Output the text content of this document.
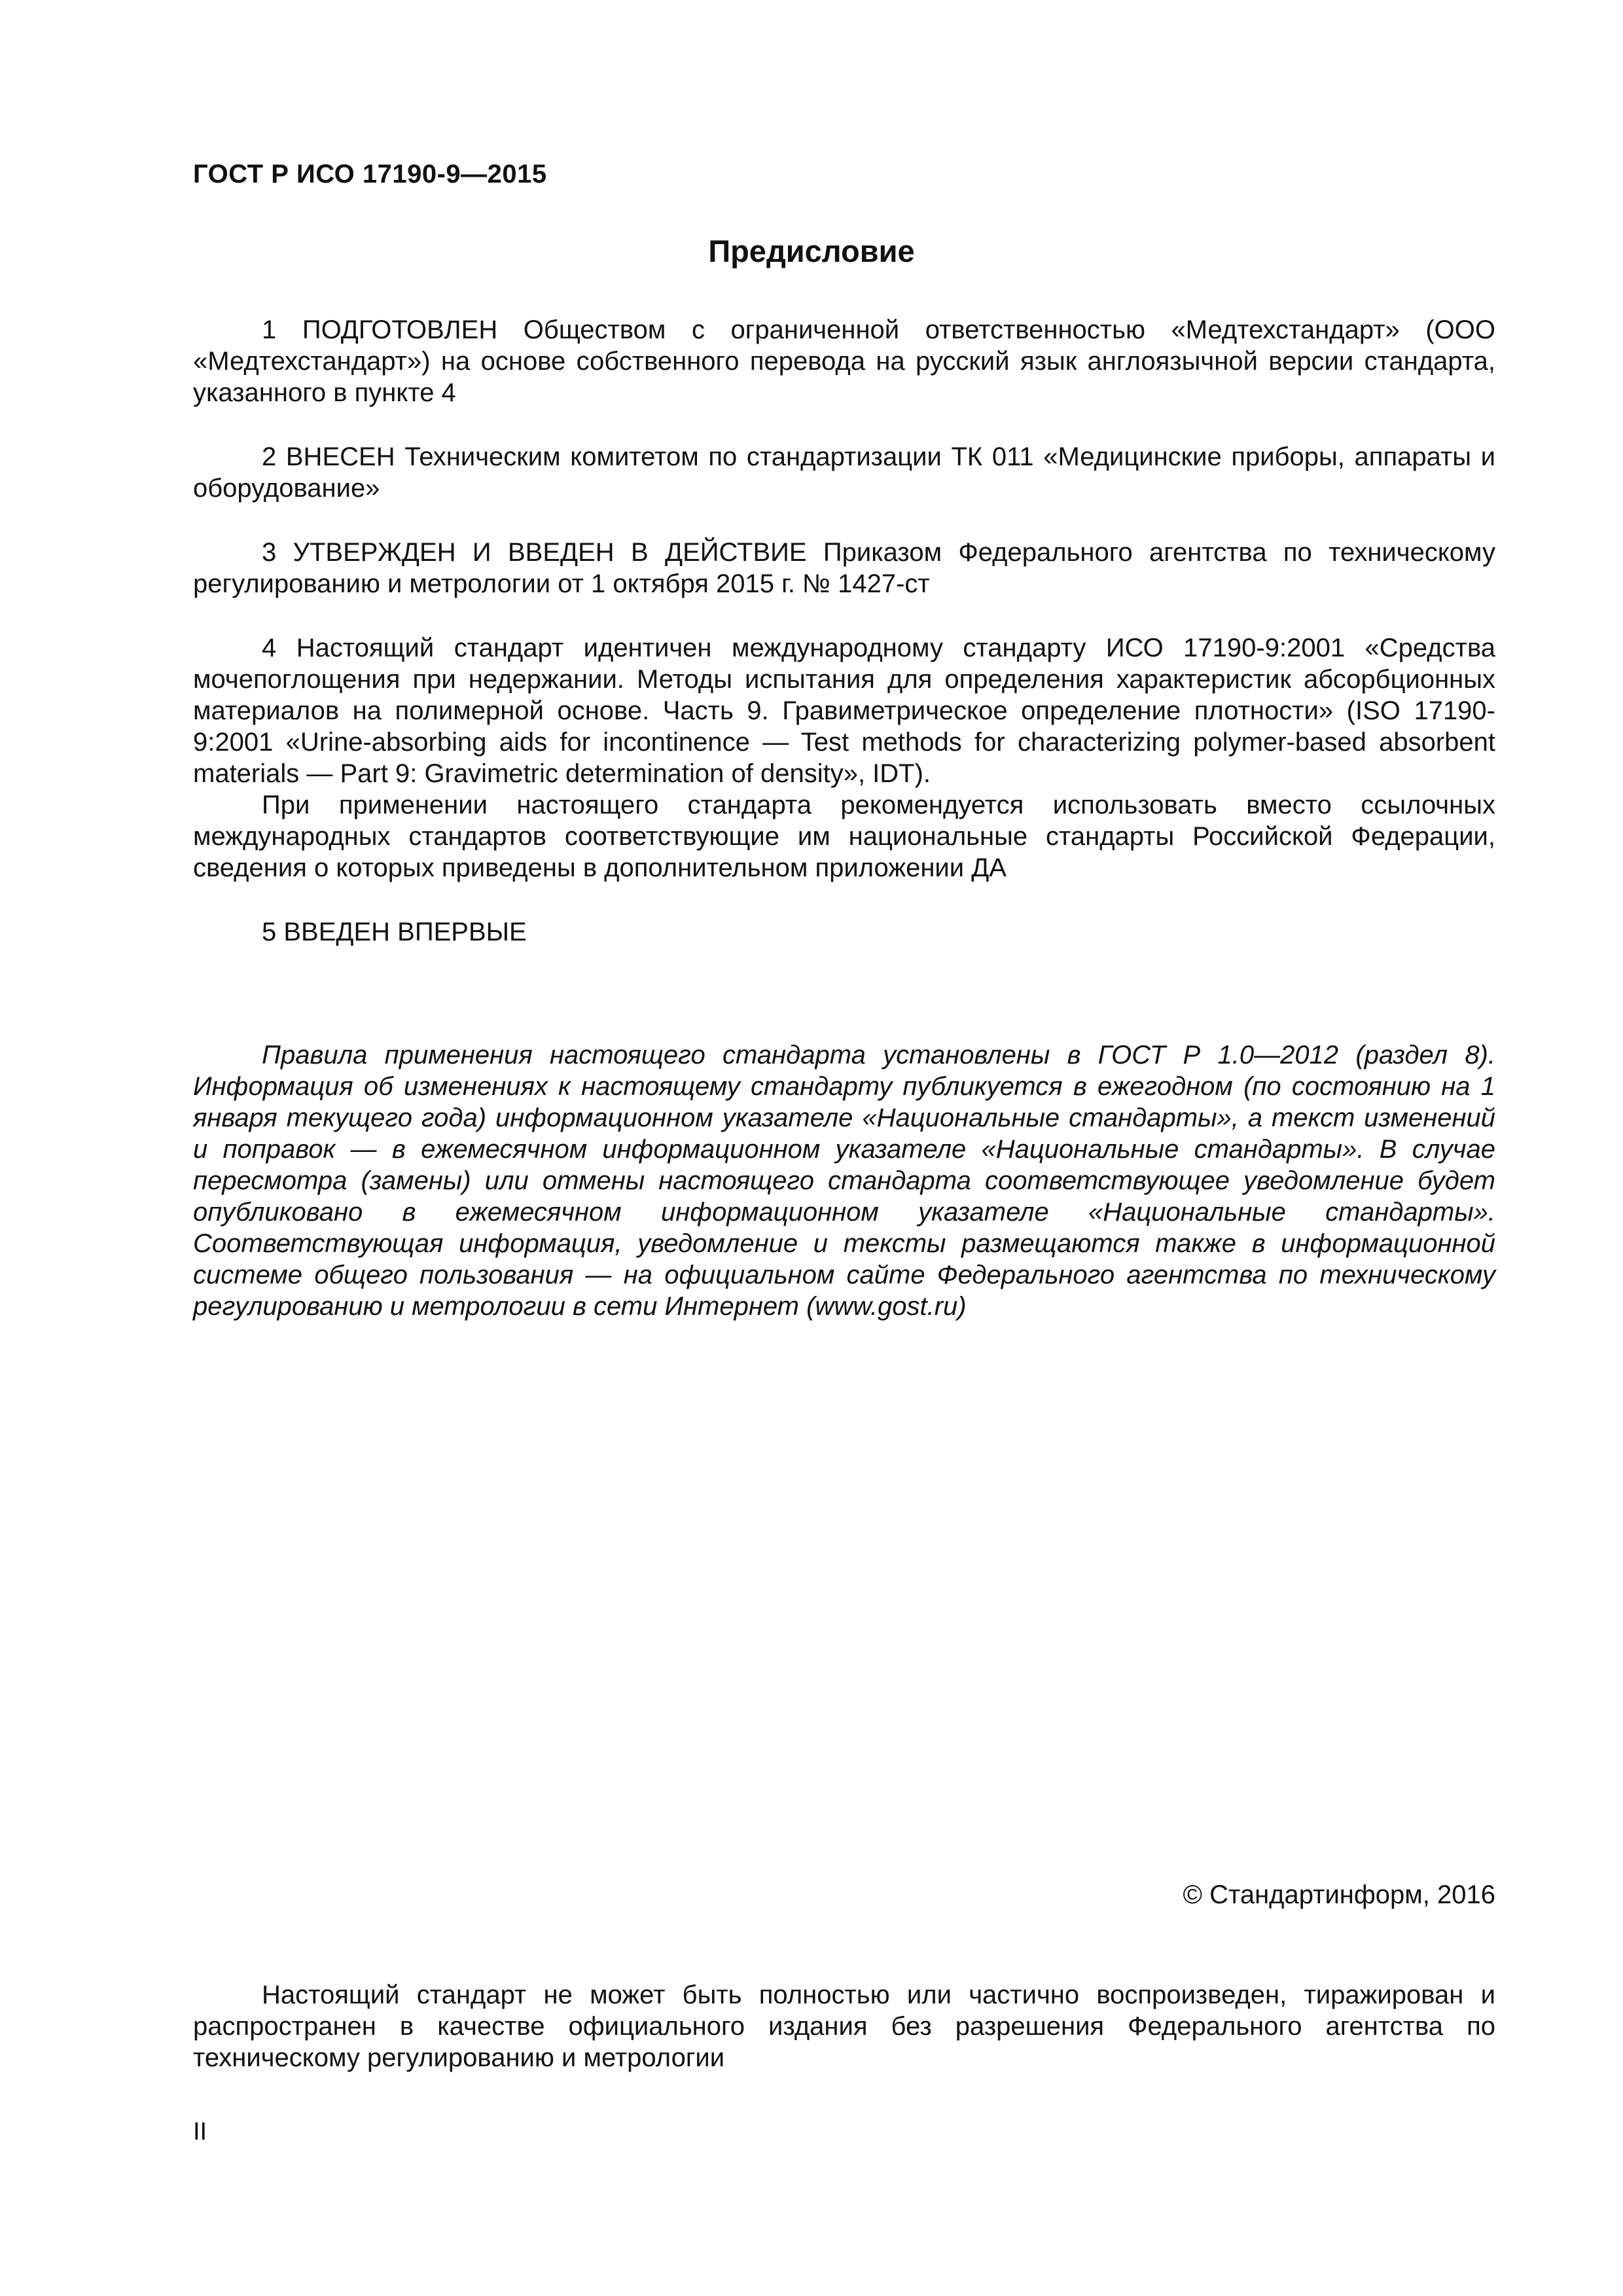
ГОСТ Р ИСО 17190-9—2015
Предисловие

1 ПОДГОТОВЛЕН Обществом с ограниченной ответственностью «Медтехстандарт» (ООО «Медтехстандарт») на основе собственного перевода на русский язык англоязычной версии стандарта, указанного в пункте 4

2 ВНЕСЕН Техническим комитетом по стандартизации ТК 011 «Медицинские приборы, аппараты и оборудование»

3 УТВЕРЖДЕН И ВВЕДЕН В ДЕЙСТВИЕ Приказом Федерального агентства по техническому регулированию и метрологии от 1 октября 2015 г. № 1427-ст

4 Настоящий стандарт идентичен международному стандарту ИСО 17190-9:2001 «Средства мочепоглощения при недержании. Методы испытания для определения характеристик абсорбционных материалов на полимерной основе. Часть 9. Гравиметрическое определение плотности» (ISO 17190-9:2001 «Urine-absorbing aids for incontinence — Test methods for characterizing polymer-based absorbent materials — Part 9: Gravimetric determination of density», IDT).

При применении настоящего стандарта рекомендуется использовать вместо ссылочных международных стандартов соответствующие им национальные стандарты Российской Федерации, сведения о которых приведены в дополнительном приложении ДА

5 ВВЕДЕН ВПЕРВЫЕ

Правила применения настоящего стандарта установлены в ГОСТ Р 1.0—2012 (раздел 8). Информация об изменениях к настоящему стандарту публикуется в ежегодном (по состоянию на 1 января текущего года) информационном указателе «Национальные стандарты», а текст изменений и поправок — в ежемесячном информационном указателе «Национальные стандарты». В случае пересмотра (замены) или отмены настоящего стандарта соответствующее уведомление будет опубликовано в ежемесячном информационном указателе «Национальные стандарты». Соответствующая информация, уведомление и тексты размещаются также в информационной системе общего пользования — на официальном сайте Федерального агентства по техническому регулированию и метрологии в сети Интернет (www.gost.ru)

© Стандартинформ, 2016

Настоящий стандарт не может быть полностью или частично воспроизведен, тиражирован и распространен в качестве официального издания без разрешения Федерального агентства по техническому регулированию и метрологии

II
